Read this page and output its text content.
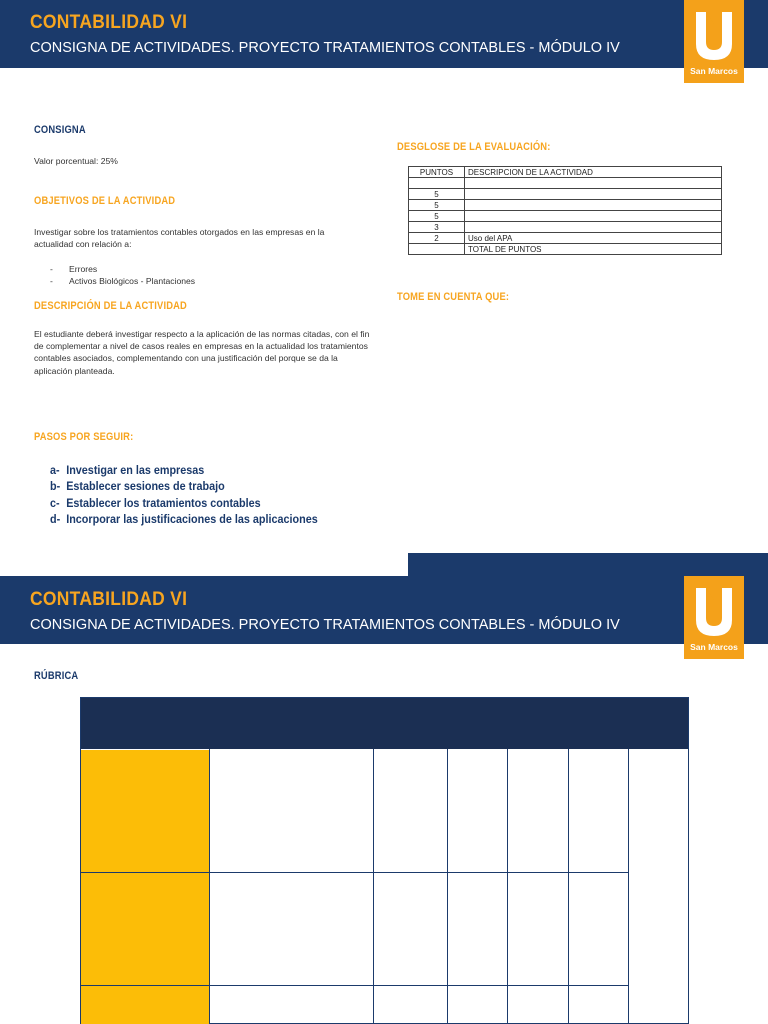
CONTABILIDAD VI
CONSIGNA DE ACTIVIDADES. PROYECTO TRATAMIENTOS CONTABLES - MÓDULO IV
San Marcos
CONSIGNA
Valor porcentual: 25%
OBJETIVOS DE LA ACTIVIDAD
Investigar sobre los tratamientos contables otorgados en las empresas en la actualidad con relación a:
- Errores
- Activos Biológicos - Plantaciones
DESCRIPCIÓN DE LA ACTIVIDAD
El estudiante deberá investigar respecto a la aplicación de las normas citadas, con el fin de complementar a nivel de casos reales en empresas en la actualidad los tratamientos contables asociados, complementando con una justificación del porque se da la aplicación planteada.
PASOS POR SEGUIR:
a- Investigar en las empresas
b- Establecer sesiones de trabajo
c- Establecer los tratamientos contables
d- Incorporar las justificaciones de las aplicaciones
DESGLOSE DE LA EVALUACIÓN:
PUNTOS	DESCRIPCION DE LA ACTIVIDAD

5	
5	
5	
3	
2	Uso del APA
	TOTAL DE PUNTOS
TOME EN CUENTA QUE:
CONTABILIDAD VI
CONSIGNA DE ACTIVIDADES. PROYECTO TRATAMIENTOS CONTABLES - MÓDULO IV
San Marcos
RÚBRICA
